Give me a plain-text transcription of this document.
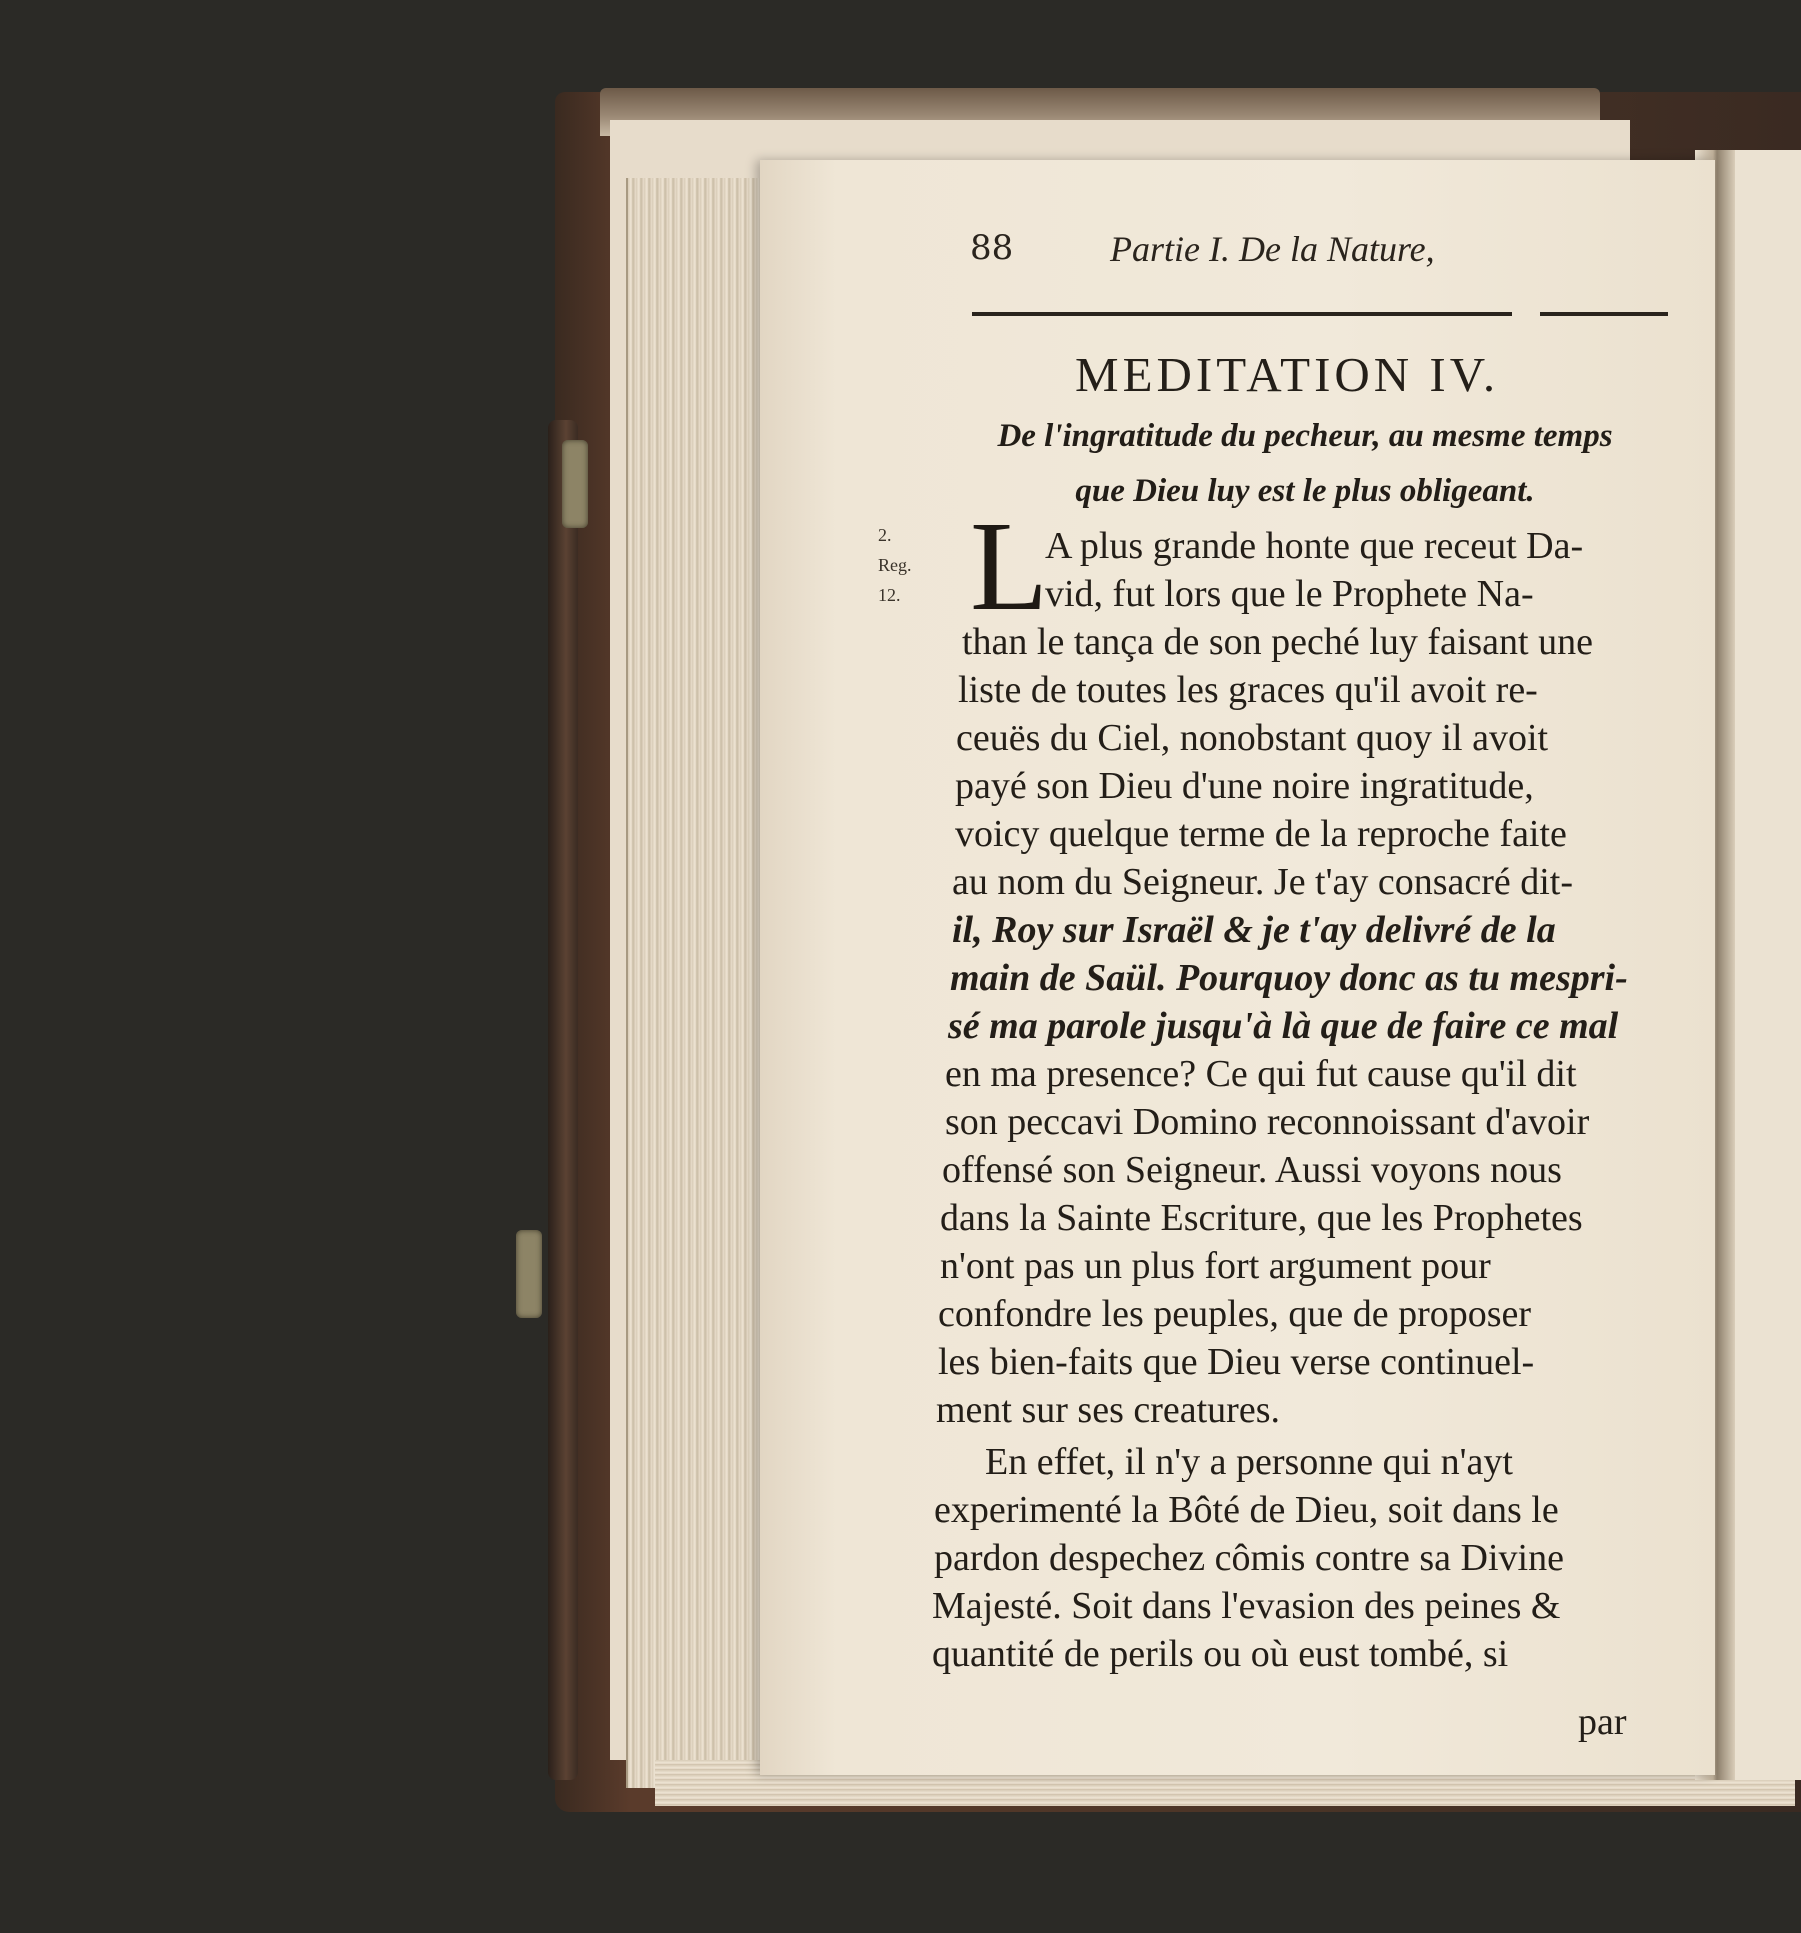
88	Partie I. De la Nature,
MEDITATION IV.
De l'ingratitude du pecheur, au mesme temps
que Dieu luy est le plus obligeant.
2.
Reg.
12. L
A plus grande honte que receut Da-
vid, fut lors que le Prophete Na-
than le tança de son peché luy faisant une
liste de toutes les graces qu'il avoit re-
ceuës du Ciel, nonobstant quoy il avoit
payé son Dieu d'une noire ingratitude,
voicy quelque terme de la reproche faite
au nom du Seigneur. Je t'ay consacré dit-
il, Roy sur Israël & je t'ay delivré de la
main de Saül. Pourquoy donc as tu mespri-
sé ma parole jusqu'à là que de faire ce mal
en ma presence? Ce qui fut cause qu'il dit
son peccavi Domino reconnoissant d'avoir
offensé son Seigneur. Aussi voyons nous
dans la Sainte Escriture, que les Prophetes
n'ont pas un plus fort argument pour
confondre les peuples, que de proposer
les bien-faits que Dieu verse continuel-
ment sur ses creatures.
En effet, il n'y a personne qui n'ayt
experimenté la Bôté de Dieu, soit dans le
pardon despechez cômis contre sa Divine
Majesté. Soit dans l'evasion des peines &
quantité de perils ou où eust tombé, si
par
